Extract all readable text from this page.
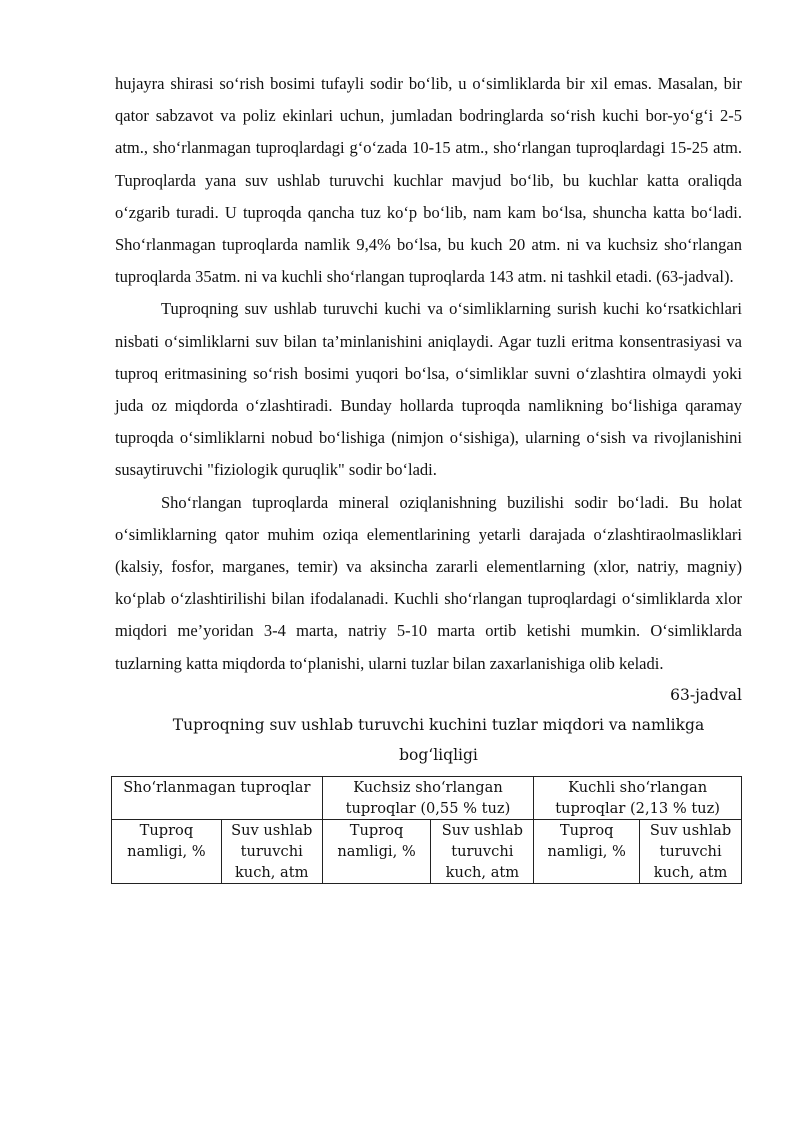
hujayra shirasi so‘rish bosimi tufayli sodir bo‘lib, u o‘simliklarda bir xil emas. Masalan, bir qator sabzavot va poliz ekinlari uchun, jumladan bodringlarda so‘rish kuchi bor-yo‘g‘i 2-5 atm., sho‘rlanmagan tuproqlardagi g‘o‘zada 10-15 atm., sho‘rlangan tuproqlardagi 15-25 atm. Tuproqlarda yana suv ushlab turuvchi kuchlar mavjud bo‘lib, bu kuchlar katta oraliqda o‘zgarib turadi. U tuproqda qancha tuz ko‘p bo‘lib, nam kam bo‘lsa, shuncha katta bo‘ladi. Sho‘rlanmagan tuproqlarda namlik 9,4% bo‘lsa, bu kuch 20 atm. ni va kuchsiz sho‘rlangan tuproqlarda 35atm. ni va kuchli sho‘rlangan tuproqlarda 143 atm. ni tashkil etadi. (63-jadval).

Tuproqning suv ushlab turuvchi kuchi va o‘simliklarning surish kuchi ko‘rsatkichlari nisbati o‘simliklarni suv bilan ta’minlanishini aniqlaydi. Agar tuzli eritma konsentrasiyasi va tuproq eritmasining so‘rish bosimi yuqori bo‘lsa, o‘simliklar suvni o‘zlashtira olmaydi yoki juda oz miqdorda o‘zlashtiradi. Bunday hollarda tuproqda namlikning bo‘lishiga qaramay tuproqda o‘simliklarni nobud bo‘lishiga (nimjon o‘sishiga), ularning o‘sish va rivojlanishini susaytiruvchi "fiziologik quruqlik" sodir bo‘ladi.

Sho‘rlangan tuproqlarda mineral oziqlanishning buzilishi sodir bo‘ladi. Bu holat o‘simliklarning qator muhim oziqa elementlarining yetarli darajada o‘zlashtiraolmasliklari (kalsiy, fosfor, marganes, temir) va aksincha zararli elementlarning (xlor, natriy, magniy) ko‘plab o‘zlashtirilishi bilan ifodalanadi. Kuchli sho‘rlangan tuproqlardagi o‘simliklarda xlor miqdori me’yoridan 3-4 marta, natriy 5-10 marta ortib ketishi mumkin. O‘simliklarda tuzlarning katta miqdorda to‘planishi, ularni tuzlar bilan zaxarlanishiga olib keladi.

63-jadval

Tuproqning suv ushlab turuvchi kuchini tuzlar miqdori va namlikga bog‘liqligi

Sho‘rlanmagan tuproqlar		Kuchsiz sho‘rlangan tuproqlar (0,55 % tuz)		Kuchli sho‘rlangan tuproqlar (2,13 % tuz)	
Tuproq namligi, %	Suv ushlab turuvchi kuch, atm	Tuproq namligi, %	Suv ushlab turuvchi kuch, atm	Tuproq namligi, %	Suv ushlab turuvchi kuch, atm
